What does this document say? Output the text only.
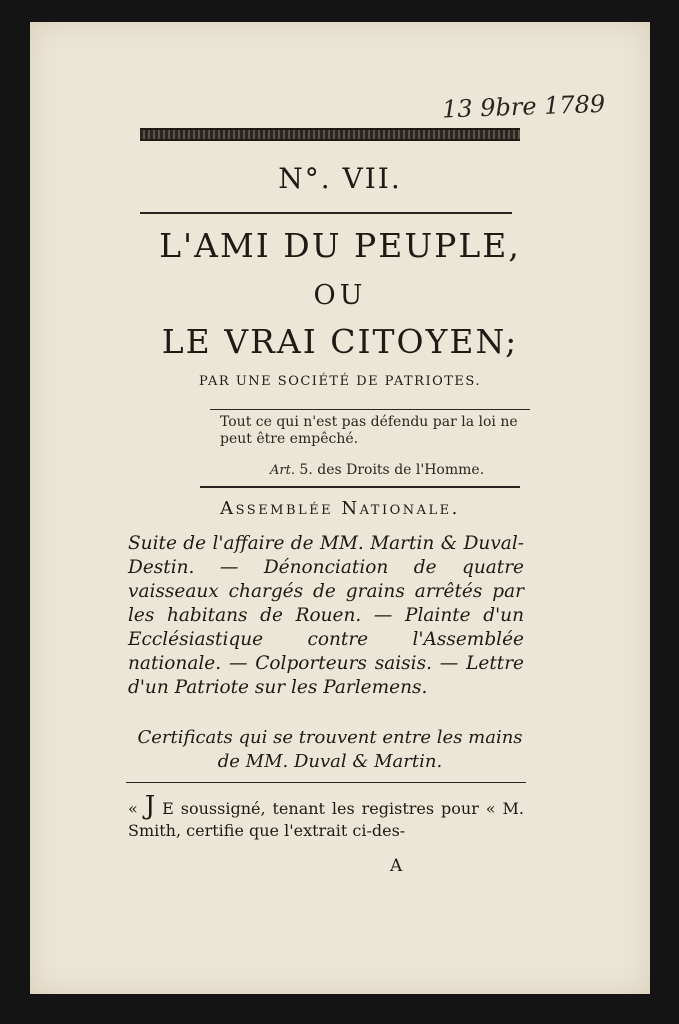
13 9bre 1789
N°. VII.
L'AMI DU PEUPLE,
OU
LE VRAI CITOYEN;
PAR UNE SOCIÉTÉ DE PATRIOTES.
Tout ce qui n'est pas défendu par la loi ne peut être empêché.
Art. 5. des Droits de l'Homme.
Assemblée Nationale.
Suite de l'affaire de MM. Martin & Duval-Destin. — Dénonciation de quatre vaisseaux chargés de grains arrêtés par les habitans de Rouen. — Plainte d'un Ecclésiastique contre l'Assemblée nationale. — Colporteurs saisis. — Lettre d'un Patriote sur les Parlemens.
Certificats qui se trouvent entre les mains de MM. Duval & Martin.
« J E soussigné, tenant les registres pour « M. Smith, certifie que l'extrait ci-des-
A
